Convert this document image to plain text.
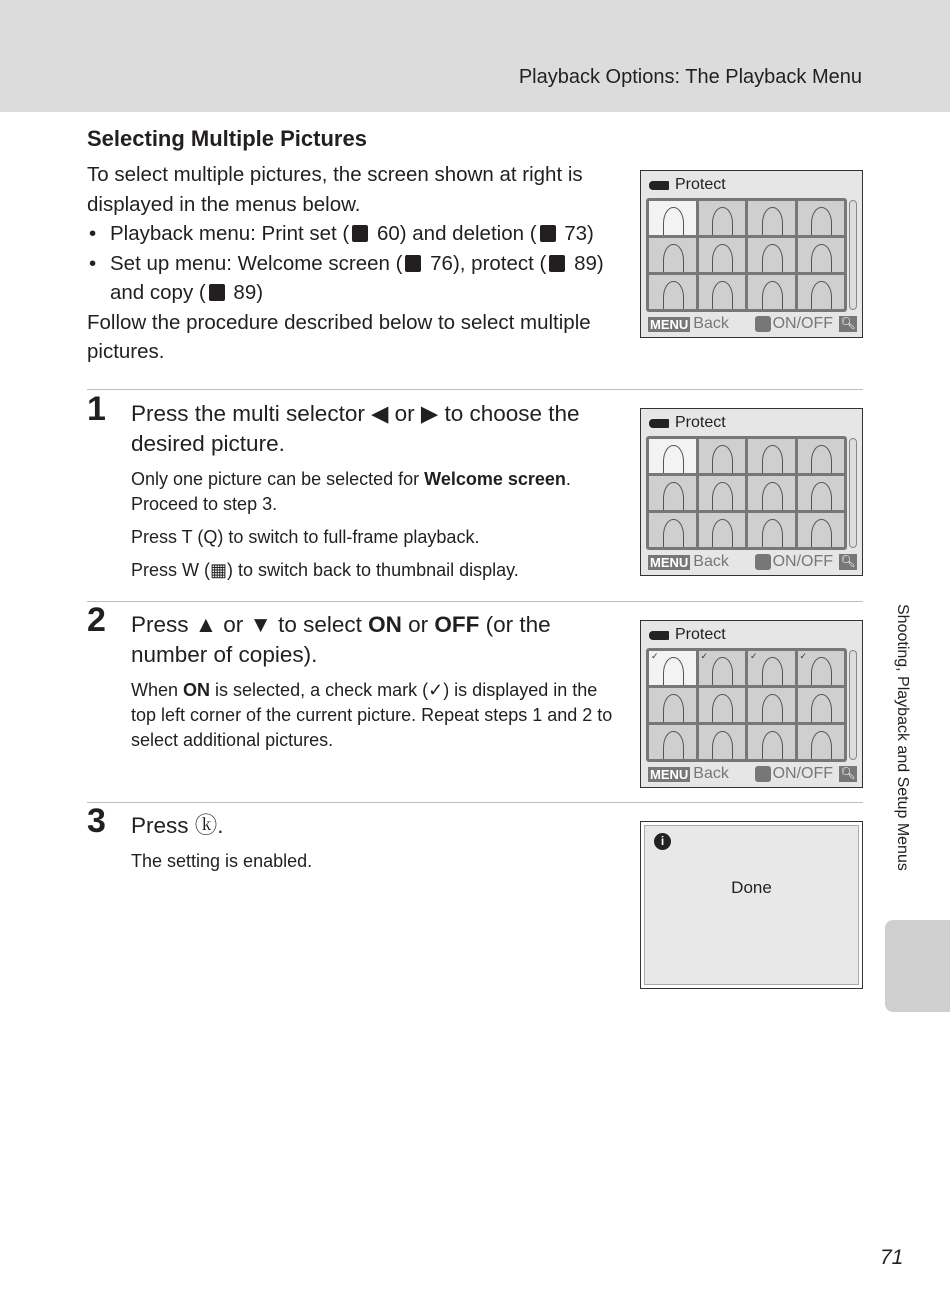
Playback Options: The Playback Menu
Selecting Multiple Pictures

To select multiple pictures, the screen shown at right is displayed in the menus below.

• Playback menu: Print set ( 60) and deletion ( 73)
• Set up menu: Welcome screen ( 76), protect ( 89) and copy ( 89)

Follow the procedure described below to select multiple pictures.

1 Press the multi selector ◀ or ▶ to choose the desired picture.

Only one picture can be selected for Welcome screen. Proceed to step 3.

Press T (Q) to switch to full-frame playback.

Press W (▦) to switch back to thumbnail display.

2 Press ▲ or ▼ to select ON or OFF (or the number of copies).
When ON is selected, a check mark (✓) is displayed in the top left corner of the current picture. Repeat steps 1 and 2 to select additional pictures.
3 Press ⓚ.
The setting is enabled.
Protect
MENU Back	ON/OFF 🔍︎
Protect
MENU Back	ON/OFF 🔍︎
Protect
✓	✓	✓	✓
MENU Back	ON/OFF 🔍︎
i
Done
Shooting, Playback and Setup Menus
71
